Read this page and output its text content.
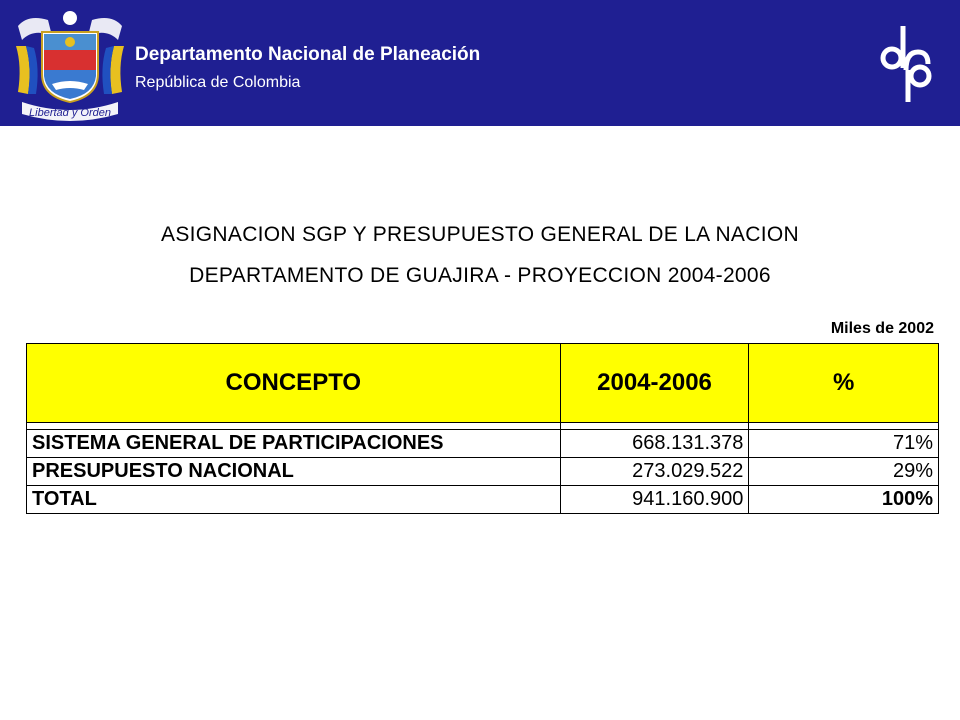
Libertad y Orden
Departamento Nacional de Planeación
República de Colombia
ASIGNACION SGP Y PRESUPUESTO GENERAL DE LA NACION
DEPARTAMENTO DE GUAJIRA - PROYECCION 2004-2006
Miles de 2002
CONCEPTO	2004-2006	%

SISTEMA GENERAL DE PARTICIPACIONES	668.131.378	71%
PRESUPUESTO NACIONAL	273.029.522	29%
TOTAL	941.160.900	100%
